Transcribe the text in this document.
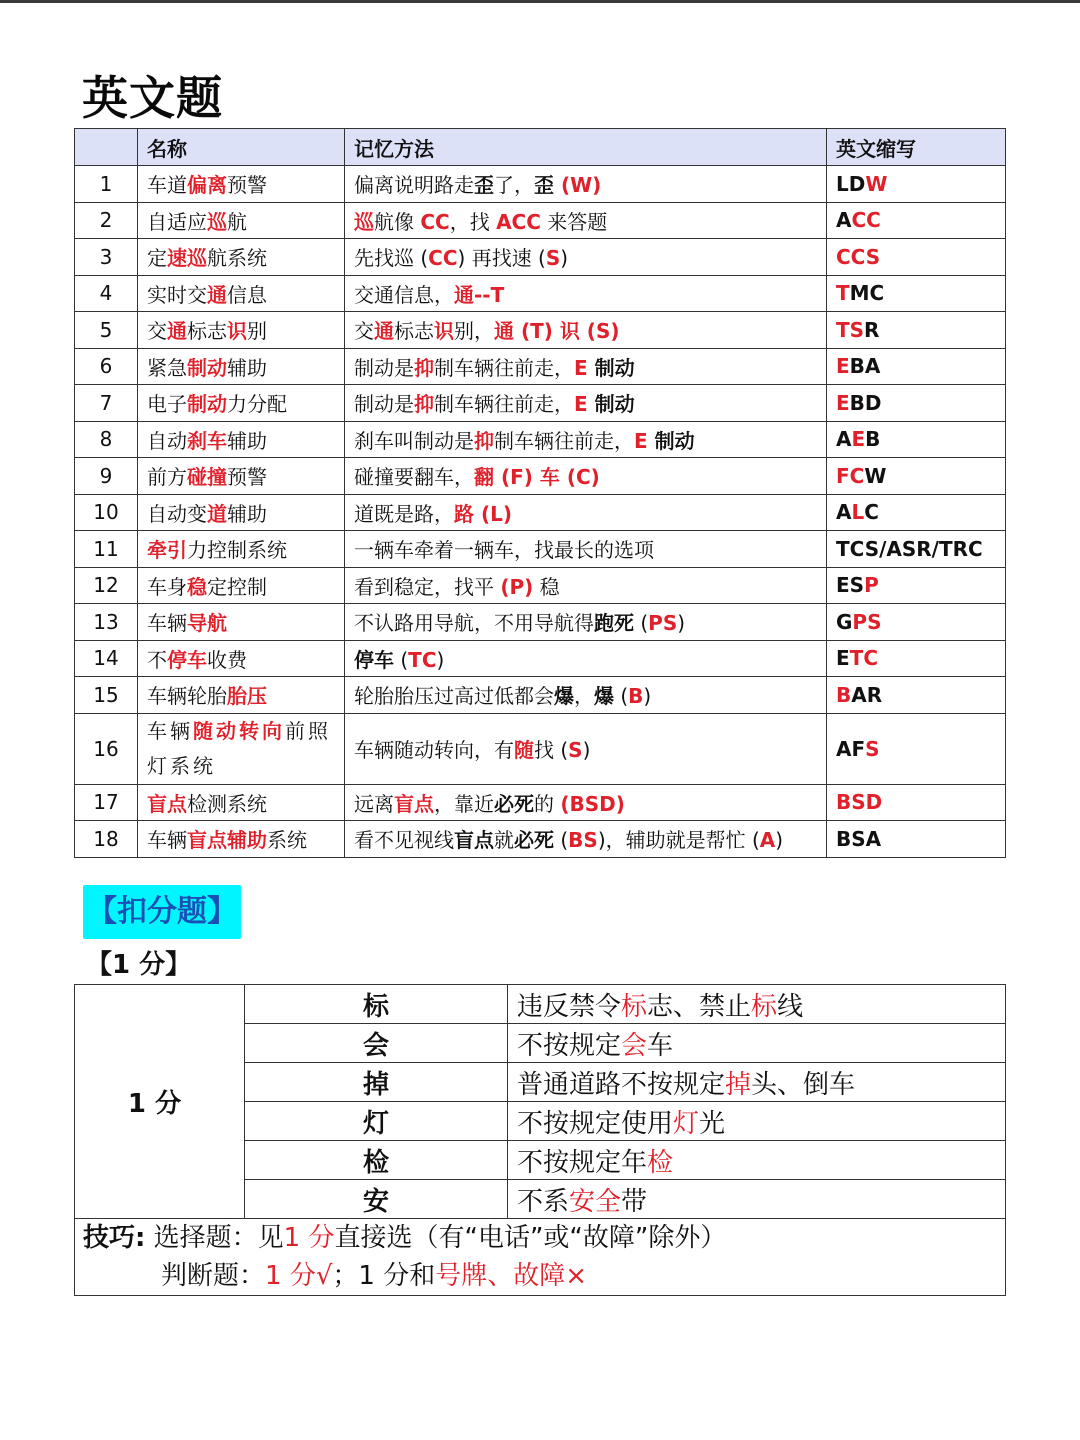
英文题
	名称	记忆方法	英文缩写
1	车道偏离预警	偏离说明路走歪了，歪 (W)	LDW
2	自适应巡航	巡航像 CC，找 ACC 来答题	ACC
3	定速巡航系统	先找巡 (CC) 再找速 (S)	CCS
4	实时交通信息	交通信息，通--T	TMC
5	交通标志识别	交通标志识别，通 (T) 识 (S)	TSR
6	紧急制动辅助	制动是抑制车辆往前走，E 制动	EBA
7	电子制动力分配	制动是抑制车辆往前走，E 制动	EBD
8	自动刹车辅助	刹车叫制动是抑制车辆往前走，E 制动	AEB
9	前方碰撞预警	碰撞要翻车，翻 (F) 车 (C)	FCW
10	自动变道辅助	道既是路，路 (L)	ALC
11	牵引力控制系统	一辆车牵着一辆车，找最长的选项	TCS/ASR/TRC
12	车身稳定控制	看到稳定，找平 (P) 稳	ESP
13	车辆导航	不认路用导航，不用导航得跑死 (PS)	GPS
14	不停车收费	停车 (TC)	ETC
15	车辆轮胎胎压	轮胎胎压过高过低都会爆，爆 (B)	BAR
16	车辆随动转向前照灯系统	车辆随动转向，有随找 (S)	AFS
17	盲点检测系统	远离盲点，靠近必死的 (BSD)	BSD
18	车辆盲点辅助系统	看不见视线盲点就必死 (BS)，辅助就是帮忙 (A)	BSA
【扣分题】
【1 分】
1 分	标	违反禁令标志、禁止标线
	会	不按规定会车
	掉	普通道路不按规定掉头、倒车
	灯	不按规定使用灯光
	检	不按规定年检
	安	不系安全带

技巧: 选择题：见1 分直接选（有“电话”或“故障”除外）
判断题：1 分√；1 分和号牌、故障×		
